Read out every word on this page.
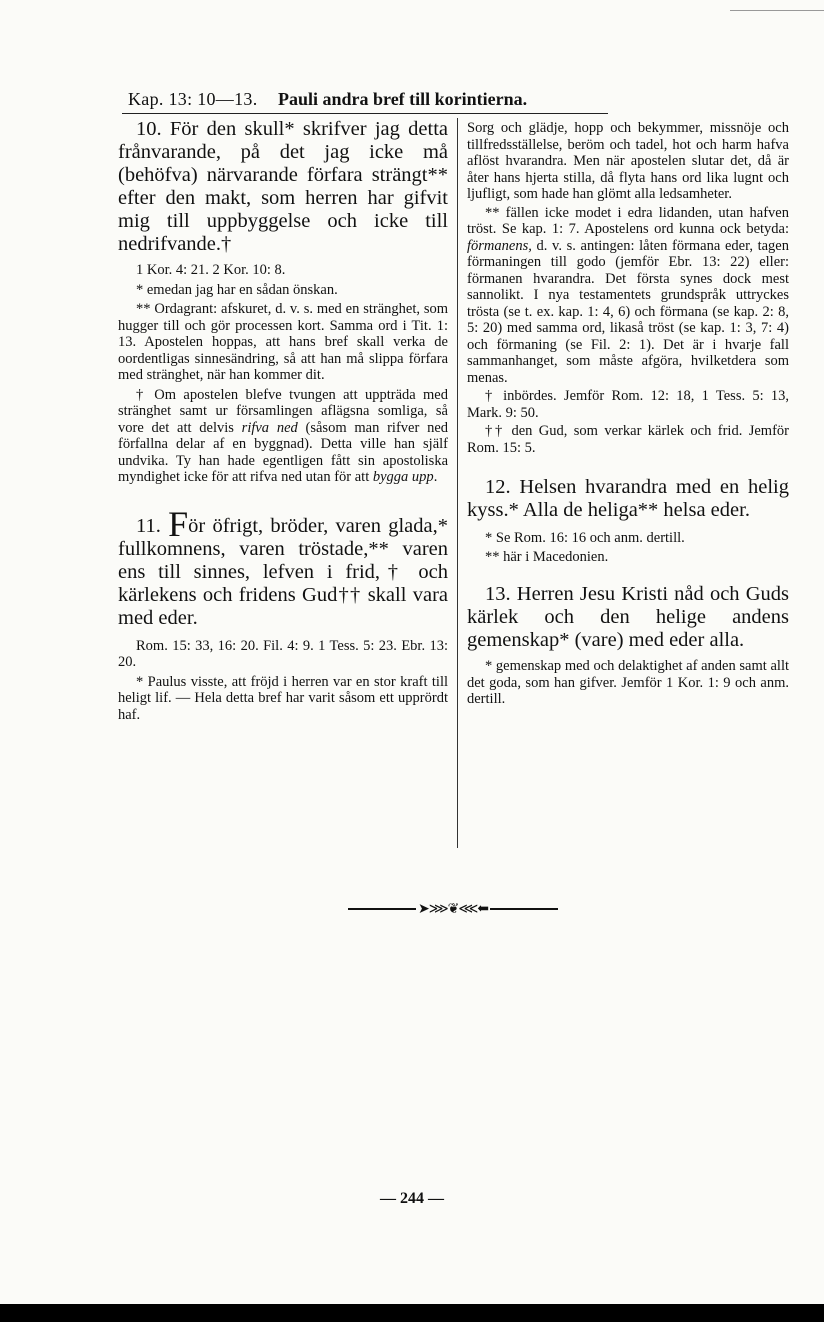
Kap. 13: 10—13. Pauli andra bref till korintierna.

10. För den skull* skrifver jag detta frånvarande, på det jag icke må (behöfva) närvarande förfara strängt** efter den makt, som herren har gifvit mig till uppbyggelse och icke till nedrifvande.†

1 Kor. 4: 21. 2 Kor. 10: 8.

* emedan jag har en sådan önskan.

** Ordagrant: afskuret, d. v. s. med en stränghet, som hugger till och gör processen kort. Samma ord i Tit. 1: 13. Apostelen hoppas, att hans bref skall verka de oordentligas sinnesändring, så att han må slippa förfara med stränghet, när han kommer dit.

† Om apostelen blefve tvungen att uppträda med stränghet samt ur församlingen aflägsna somliga, så vore det att delvis rifva ned (såsom man rifver ned förfallna delar af en byggnad). Detta ville han själf undvika. Ty han hade egentligen fått sin apostoliska myndighet icke för att rifva ned utan för att bygga upp.

11. För öfrigt, bröder, varen glada,* fullkomnens, varen tröstade,** varen ens till sinnes, lefven i frid,† och kärlekens och fridens Gud†† skall vara med eder.

Rom. 15: 33, 16: 20. Fil. 4: 9. 1 Tess. 5: 23. Ebr. 13: 20.

* Paulus visste, att fröjd i herren var en stor kraft till heligt lif. — Hela detta bref har varit såsom ett upprördt haf.

Sorg och glädje, hopp och bekymmer, missnöje och tillfredsställelse, beröm och tadel, hot och harm hafva aflöst hvarandra. Men när apostelen slutar det, då är åter hans hjerta stilla, då flyta hans ord lika lugnt och ljufligt, som hade han glömt alla ledsamheter.

** fällen icke modet i edra lidanden, utan hafven tröst. Se kap. 1: 7. Apostelens ord kunna ock betyda: förmanens, d. v. s. antingen: låten förmana eder, tagen förmaningen till godo (jemför Ebr. 13: 22) eller: förmanen hvarandra. Det första synes dock mest sannolikt. I nya testamentets grundspråk uttryckes trösta (se t. ex. kap. 1: 4, 6) och förmana (se kap. 2: 8, 5: 20) med samma ord, likaså tröst (se kap. 1: 3, 7: 4) och förmaning (se Fil. 2: 1). Det är i hvarje fall sammanhanget, som måste afgöra, hvilketdera som menas.

† inbördes. Jemför Rom. 12: 18, 1 Tess. 5: 13, Mark. 9: 50.

†† den Gud, som verkar kärlek och frid. Jemför Rom. 15: 5.

12. Helsen hvarandra med en helig kyss.* Alla de heliga** helsa eder.

* Se Rom. 16: 16 och anm. dertill.

** här i Macedonien.

13. Herren Jesu Kristi nåd och Guds kärlek och den helige andens gemenskap* (vare) med eder alla.

* gemenskap med och delaktighet af anden samt allt det goda, som han gifver. Jemför 1 Kor. 1: 9 och anm. dertill.

➤⋙❦⋘⬅
— 244 —
